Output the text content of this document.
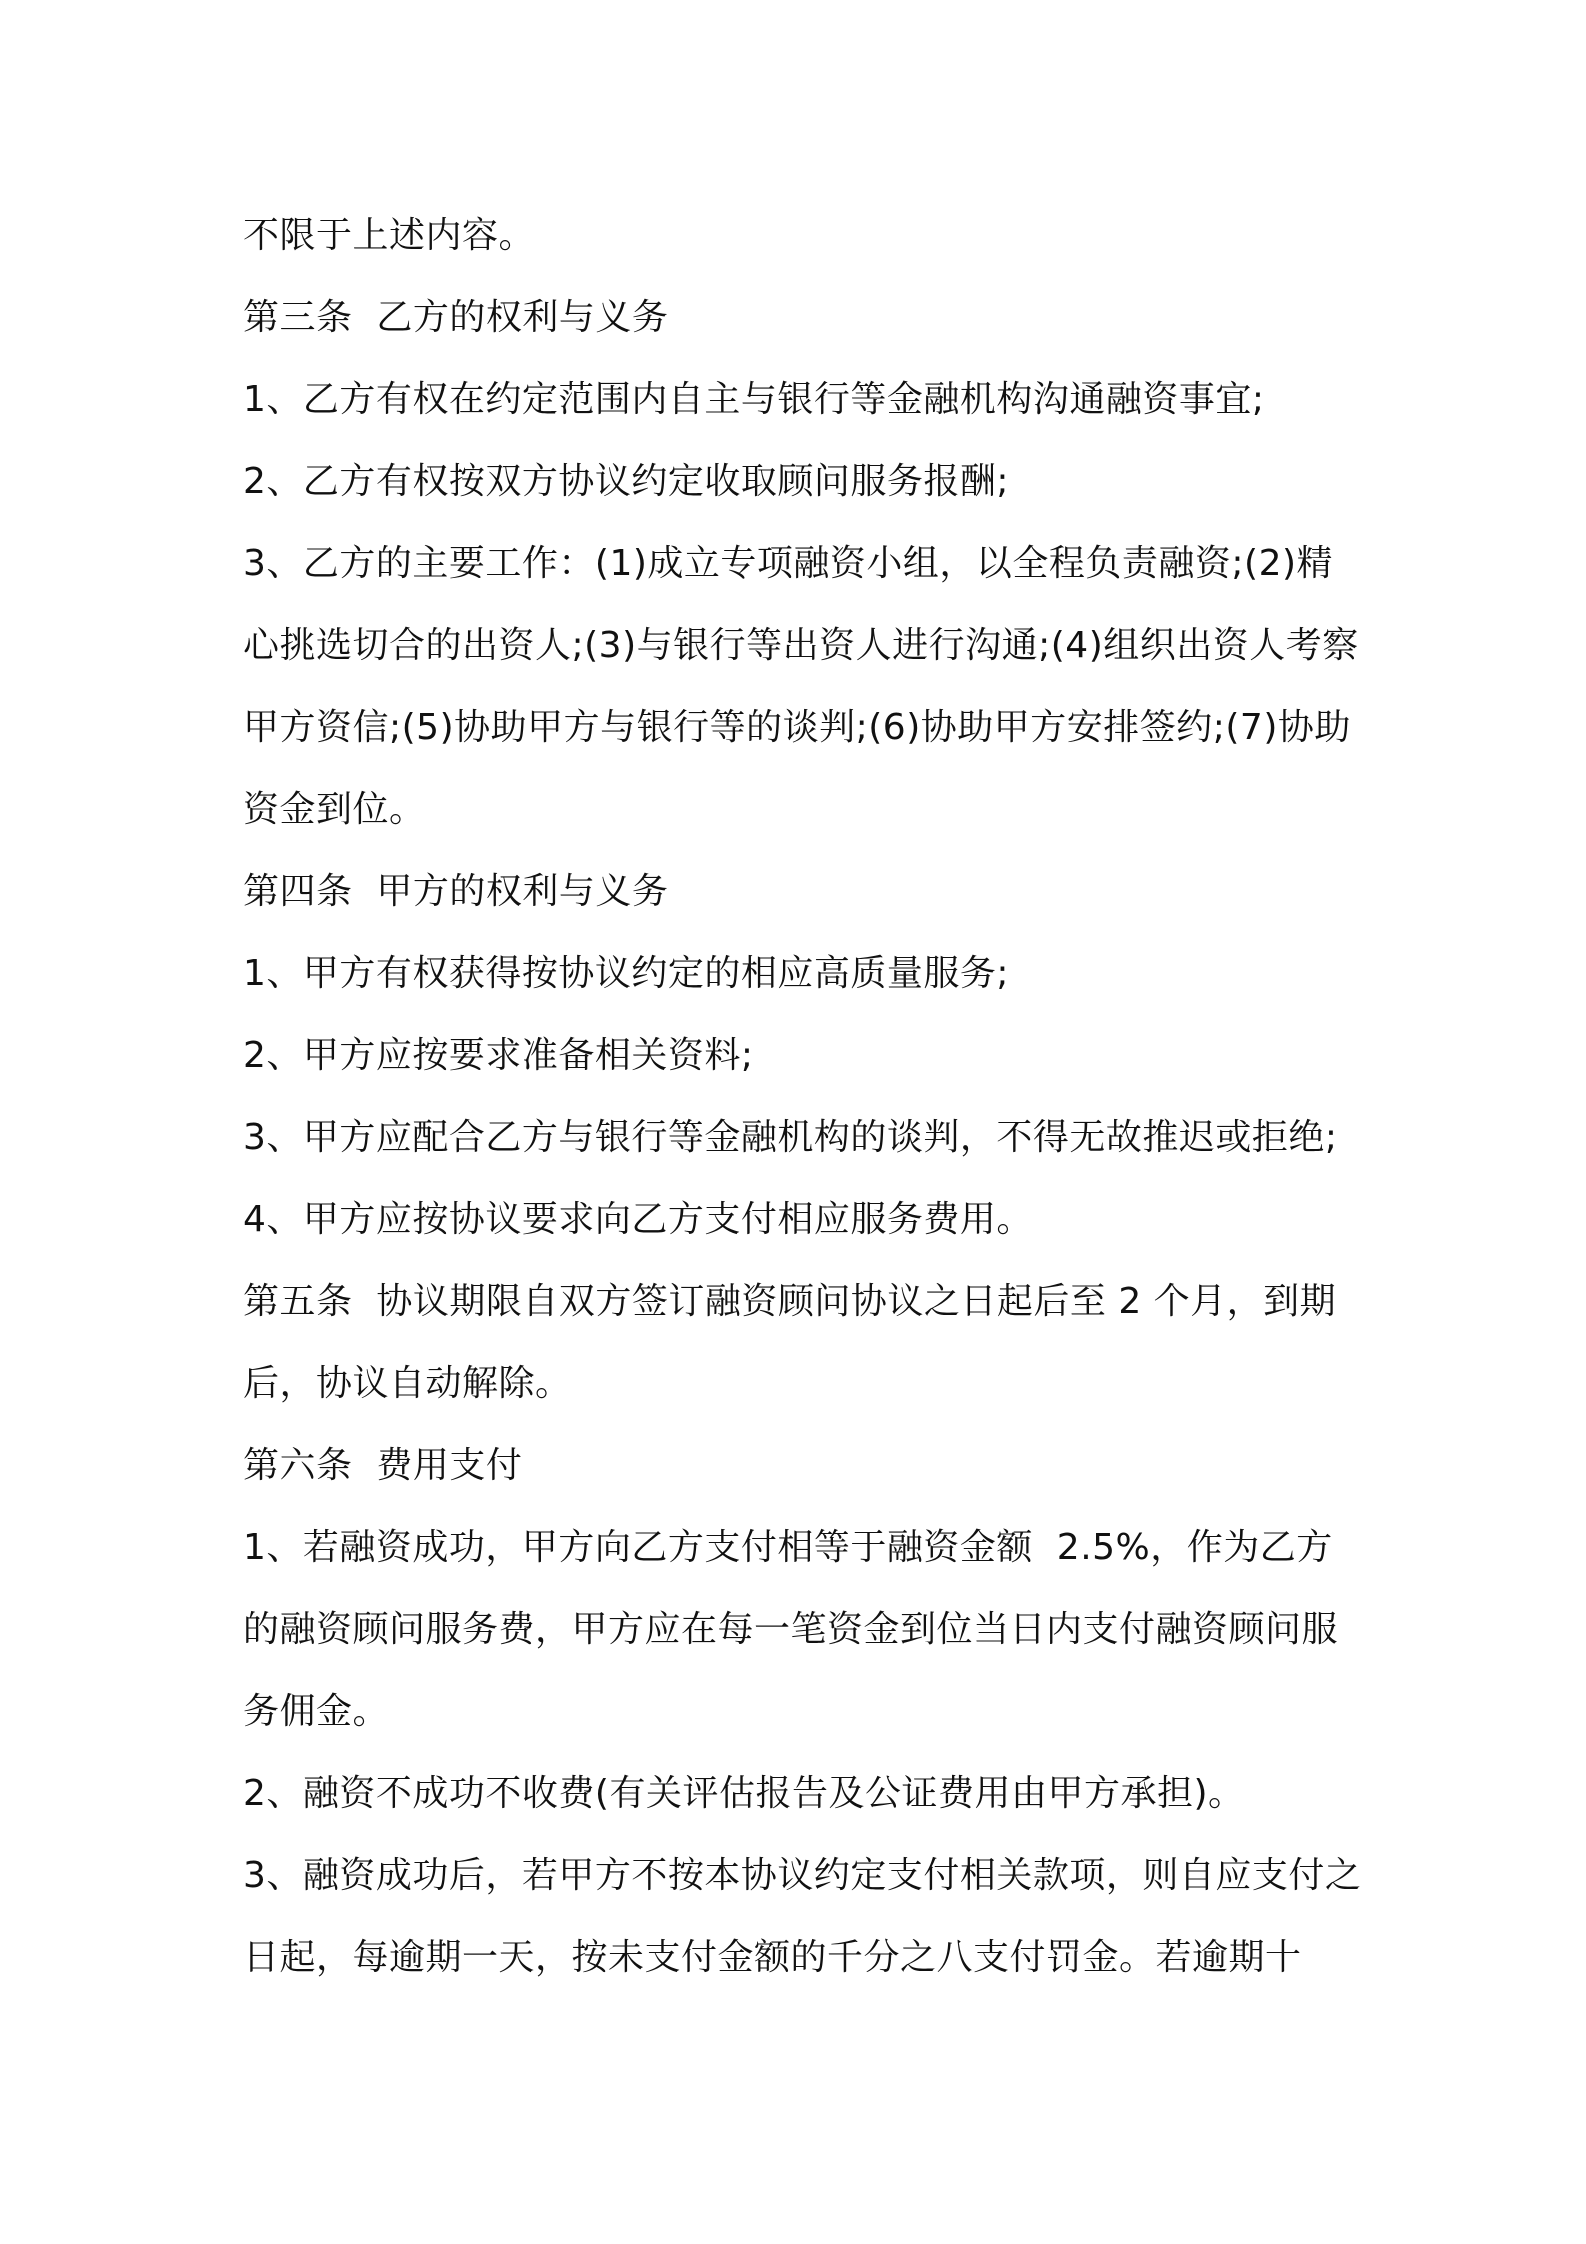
不限于上述内容。

第三条  乙方的权利与义务

1、乙方有权在约定范围内自主与银行等金融机构沟通融资事宜;

2、乙方有权按双方协议约定收取顾问服务报酬;

3、乙方的主要工作：(1)成立专项融资小组，以全程负责融资;(2)精心挑选切合的出资人;(3)与银行等出资人进行沟通;(4)组织出资人考察甲方资信;(5)协助甲方与银行等的谈判;(6)协助甲方安排签约;(7)协助资金到位。

第四条  甲方的权利与义务

1、甲方有权获得按协议约定的相应高质量服务;

2、甲方应按要求准备相关资料;

3、甲方应配合乙方与银行等金融机构的谈判，不得无故推迟或拒绝;

4、甲方应按协议要求向乙方支付相应服务费用。

第五条  协议期限自双方签订融资顾问协议之日起后至 2 个月，到期后，协议自动解除。

第六条  费用支付

1、若融资成功，甲方向乙方支付相等于融资金额  2.5%，作为乙方的融资顾问服务费，甲方应在每一笔资金到位当日内支付融资顾问服务佣金。

2、融资不成功不收费(有关评估报告及公证费用由甲方承担)。

3、融资成功后，若甲方不按本协议约定支付相关款项，则自应支付之日起，每逾期一天，按未支付金额的千分之八支付罚金。若逾期十
